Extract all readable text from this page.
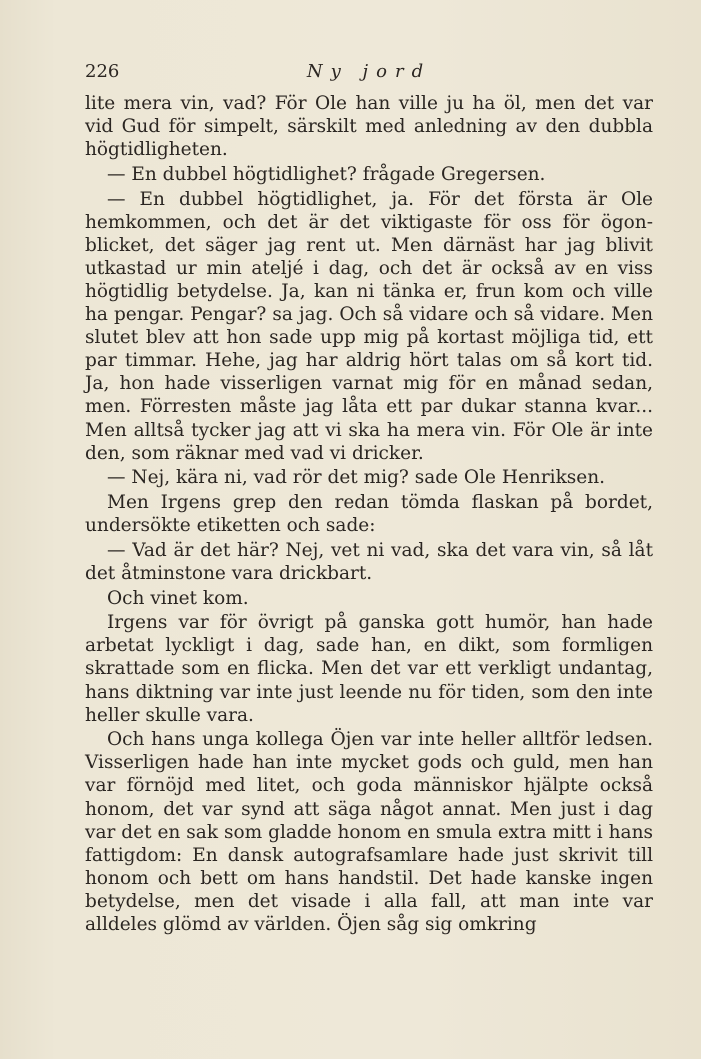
226	Ny jord

lite mera vin, vad? För Ole han ville ju ha öl, men det var vid Gud för simpelt, särskilt med anledning av den dubbla högtidligheten.

— En dubbel högtidlighet? frågade Gregersen.

— En dubbel högtidlighet, ja. För det första är Ole hemkommen, och det är det viktigaste för oss för ögonblicket, det säger jag rent ut. Men därnäst har jag blivit utkastad ur min ateljé i dag, och det är också av en viss högtidlig betydelse. Ja, kan ni tänka er, frun kom och ville ha pengar. Pengar? sa jag. Och så vidare och så vidare. Men slutet blev att hon sade upp mig på kortast möjliga tid, ett par timmar. Hehe, jag har aldrig hört talas om så kort tid. Ja, hon hade visserligen varnat mig för en månad sedan, men. Förresten måste jag låta ett par dukar stanna kvar... Men alltså tycker jag att vi ska ha mera vin. För Ole är inte den, som räknar med vad vi dricker.

— Nej, kära ni, vad rör det mig? sade Ole Henriksen.

Men Irgens grep den redan tömda flaskan på bordet, undersökte etiketten och sade:

— Vad är det här? Nej, vet ni vad, ska det vara vin, så låt det åtminstone vara drickbart.

Och vinet kom.

Irgens var för övrigt på ganska gott humör, han hade arbetat lyckligt i dag, sade han, en dikt, som formligen skrattade som en flicka. Men det var ett verkligt undantag, hans diktning var inte just leende nu för tiden, som den inte heller skulle vara.

Och hans unga kollega Öjen var inte heller alltför ledsen. Visserligen hade han inte mycket gods och guld, men han var förnöjd med litet, och goda människor hjälpte också honom, det var synd att säga något annat. Men just i dag var det en sak som gladde honom en smula extra mitt i hans fattigdom: En dansk autografsamlare hade just skrivit till honom och bett om hans handstil. Det hade kanske ingen betydelse, men det visade i alla fall, att man inte var alldeles glömd av världen. Öjen såg sig omkring
